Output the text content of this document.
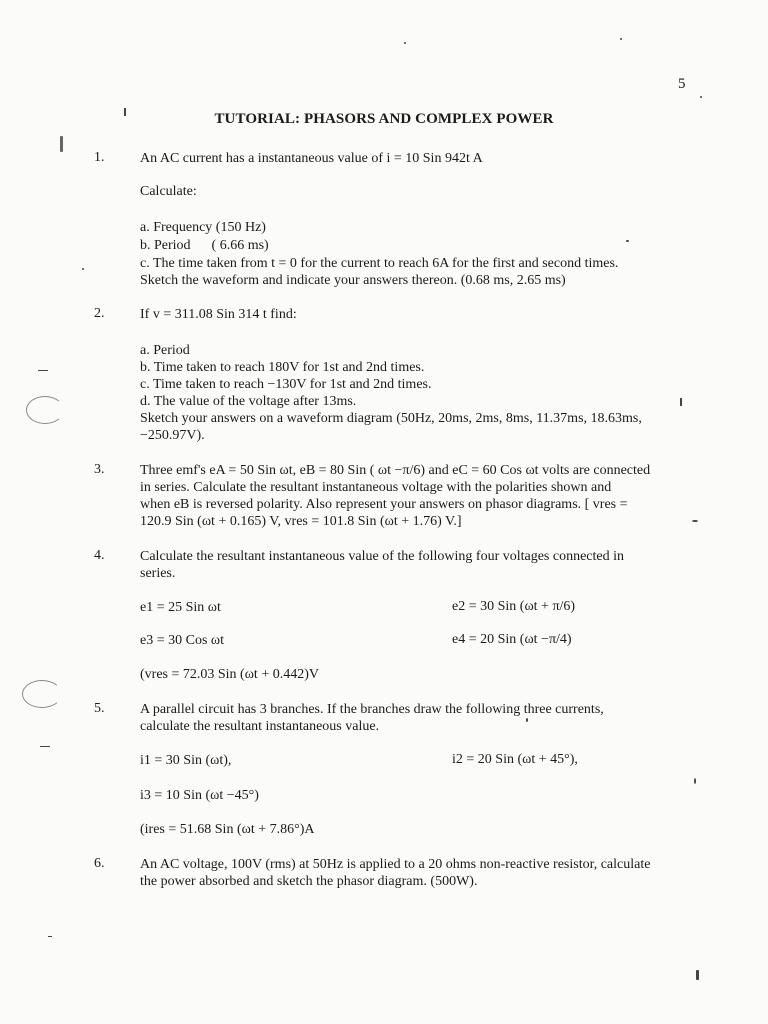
5
TUTORIAL: PHASORS AND COMPLEX POWER
1.	An AC current has a instantaneous value of i = 10 Sin 942t A
Calculate:
a. Frequency (150 Hz)
b. Period      ( 6.66 ms)
c. The time taken from t = 0 for the current to reach 6A for the first and second times.
Sketch the waveform and indicate your answers thereon. (0.68 ms, 2.65 ms)
2.	If v = 311.08 Sin 314 t find:
a. Period
b. Time taken to reach 180V for 1st and 2nd times.
c. Time taken to reach −130V for 1st and 2nd times.
d. The value of the voltage after 13ms.
Sketch your answers on a waveform diagram (50Hz, 20ms, 2ms, 8ms, 11.37ms, 18.63ms,
−250.97V).
3.	Three emf's eA = 50 Sin ωt, eB = 80 Sin ( ωt −π/6) and eC = 60 Cos ωt volts are connected
in series. Calculate the resultant instantaneous voltage with the polarities shown and
when eB is reversed polarity. Also represent your answers on phasor diagrams. [ vres =
120.9 Sin (ωt + 0.165) V, vres = 101.8 Sin (ωt + 1.76) V.]
4.	Calculate the resultant instantaneous value of the following four voltages connected in
series.
e1 = 25 Sin ωt	e2 = 30 Sin (ωt + π/6)
e3 = 30 Cos ωt	e4 = 20 Sin (ωt −π/4)
(vres = 72.03 Sin (ωt + 0.442)V
5.	A parallel circuit has 3 branches. If the branches draw the following three currents,
calculate the resultant instantaneous value.
i1 = 30 Sin (ωt),	i2 = 20 Sin (ωt + 45°),
i3 = 10 Sin (ωt −45°)
(ires = 51.68 Sin (ωt + 7.86°)A
6.	An AC voltage, 100V (rms) at 50Hz is applied to a 20 ohms non-reactive resistor, calculate
the power absorbed and sketch the phasor diagram. (500W).
